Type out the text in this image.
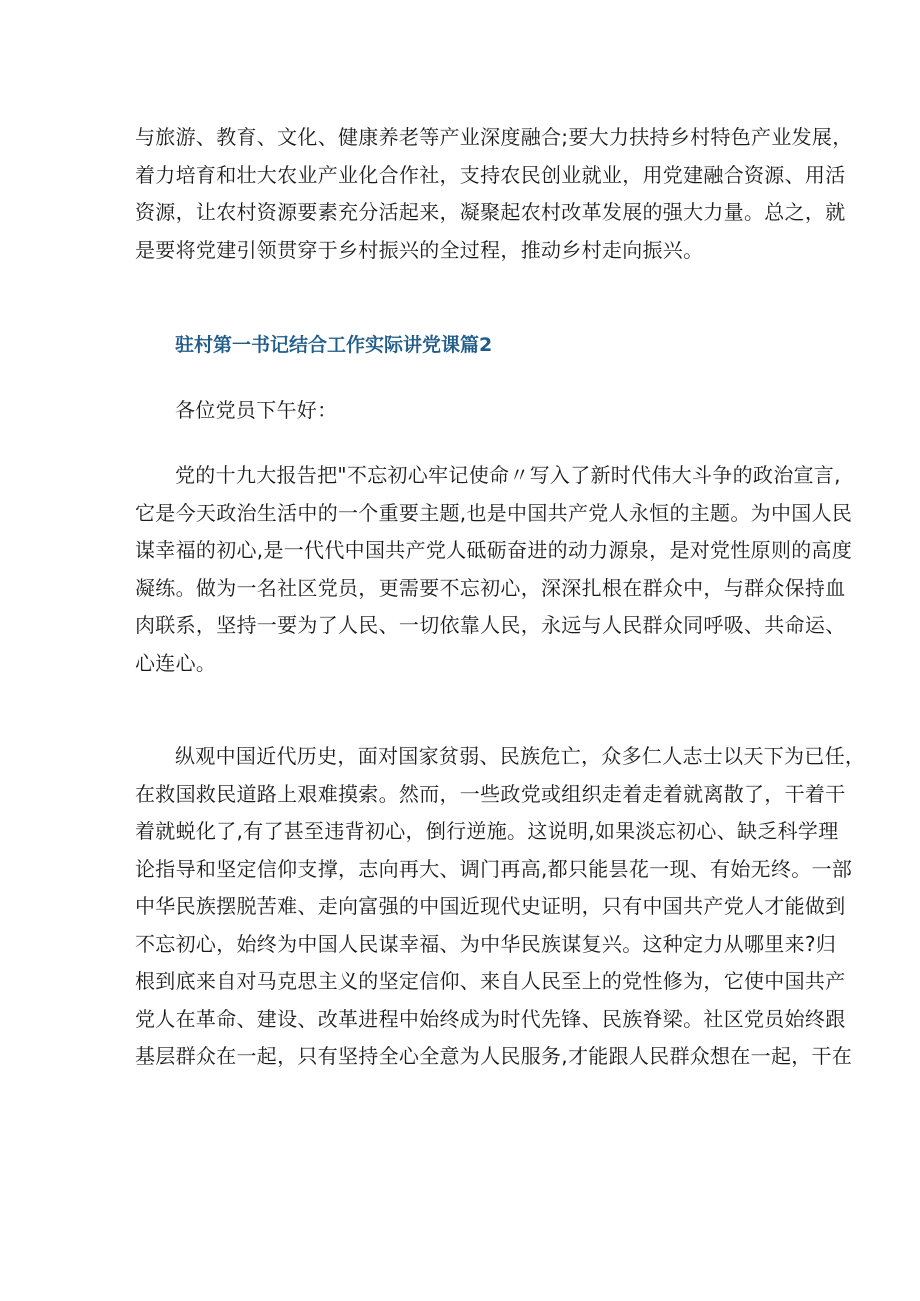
与旅游、教育、文化、健康养老等产业深度融合;要大力扶持乡村特色产业发展，
着力培育和壮大农业产业化合作社，支持农民创业就业，用党建融合资源、用活
资源，让农村资源要素充分活起来，凝聚起农村改革发展的强大力量。总之，就
是要将党建引领贯穿于乡村振兴的全过程，推动乡村走向振兴。

驻村第一书记结合工作实际讲党课篇2

各位党员下午好：

党的十九大报告把"不忘初心牢记使命〃写入了新时代伟大斗争的政治宣言,
它是今天政治生活中的一个重要主题,也是中国共产党人永恒的主题。为中国人民
谋幸福的初心,是一代代中国共产党人砥砺奋进的动力源泉，是对党性原则的高度
凝练。做为一名社区党员，更需要不忘初心，深深扎根在群众中，与群众保持血
肉联系，坚持一要为了人民、一切依靠人民，永远与人民群众同呼吸、共命运、
心连心。

纵观中国近代历史，面对国家贫弱、民族危亡，众多仁人志士以天下为已任，
在救国救民道路上艰难摸索。然而，一些政党或组织走着走着就离散了，干着干
着就蜕化了,有了甚至违背初心，倒行逆施。这说明,如果淡忘初心、缺乏科学理
论指导和坚定信仰支撑，志向再大、调门再高,都只能昙花一现、有始无终。一部
中华民族摆脱苦难、走向富强的中国近现代史证明，只有中国共产党人才能做到
不忘初心，始终为中国人民谋幸福、为中华民族谋复兴。这种定力从哪里来?归
根到底来自对马克思主义的坚定信仰、来自人民至上的党性修为，它使中国共产
党人在革命、建设、改革进程中始终成为时代先锋、民族脊梁。社区党员始终跟
基层群众在一起，只有坚持全心全意为人民服务,才能跟人民群众想在一起，干在
